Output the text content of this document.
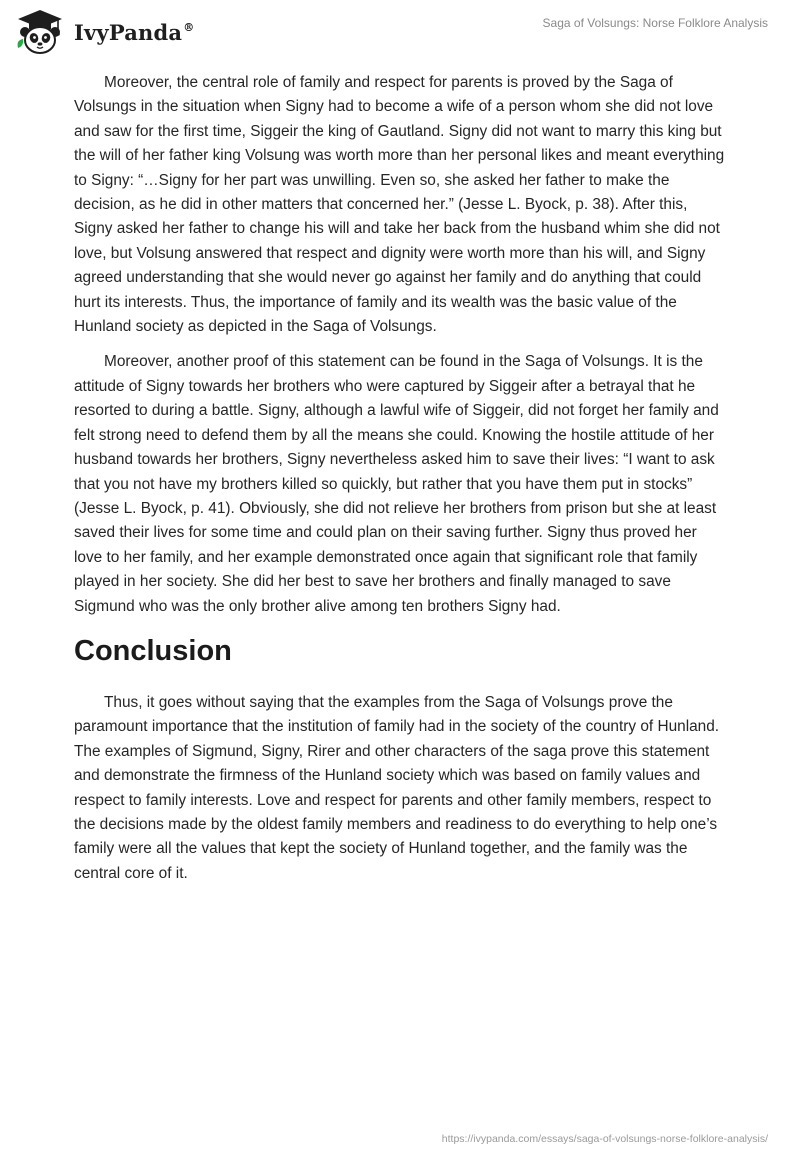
IvyPanda®	Saga of Volsungs: Norse Folklore Analysis

Moreover, the central role of family and respect for parents is proved by the Saga of Volsungs in the situation when Signy had to become a wife of a person whom she did not love and saw for the first time, Siggeir the king of Gautland. Signy did not want to marry this king but the will of her father king Volsung was worth more than her personal likes and meant everything to Signy: “…Signy for her part was unwilling. Even so, she asked her father to make the decision, as he did in other matters that concerned her.” (Jesse L. Byock, p. 38). After this, Signy asked her father to change his will and take her back from the husband whim she did not love, but Volsung answered that respect and dignity were worth more than his will, and Signy agreed understanding that she would never go against her family and do anything that could hurt its interests. Thus, the importance of family and its wealth was the basic value of the Hunland society as depicted in the Saga of Volsungs.

Moreover, another proof of this statement can be found in the Saga of Volsungs. It is the attitude of Signy towards her brothers who were captured by Siggeir after a betrayal that he resorted to during a battle. Signy, although a lawful wife of Siggeir, did not forget her family and felt strong need to defend them by all the means she could. Knowing the hostile attitude of her husband towards her brothers, Signy nevertheless asked him to save their lives: “I want to ask that you not have my brothers killed so quickly, but rather that you have them put in stocks” (Jesse L. Byock, p. 41). Obviously, she did not relieve her brothers from prison but she at least saved their lives for some time and could plan on their saving further. Signy thus proved her love to her family, and her example demonstrated once again that significant role that family played in her society. She did her best to save her brothers and finally managed to save Sigmund who was the only brother alive among ten brothers Signy had.

Conclusion

Thus, it goes without saying that the examples from the Saga of Volsungs prove the paramount importance that the institution of family had in the society of the country of Hunland. The examples of Sigmund, Signy, Rirer and other characters of the saga prove this statement and demonstrate the firmness of the Hunland society which was based on family values and respect to family interests. Love and respect for parents and other family members, respect to the decisions made by the oldest family members and readiness to do everything to help one’s family were all the values that kept the society of Hunland together, and the family was the central core of it.

https://ivypanda.com/essays/saga-of-volsungs-norse-folklore-analysis/
